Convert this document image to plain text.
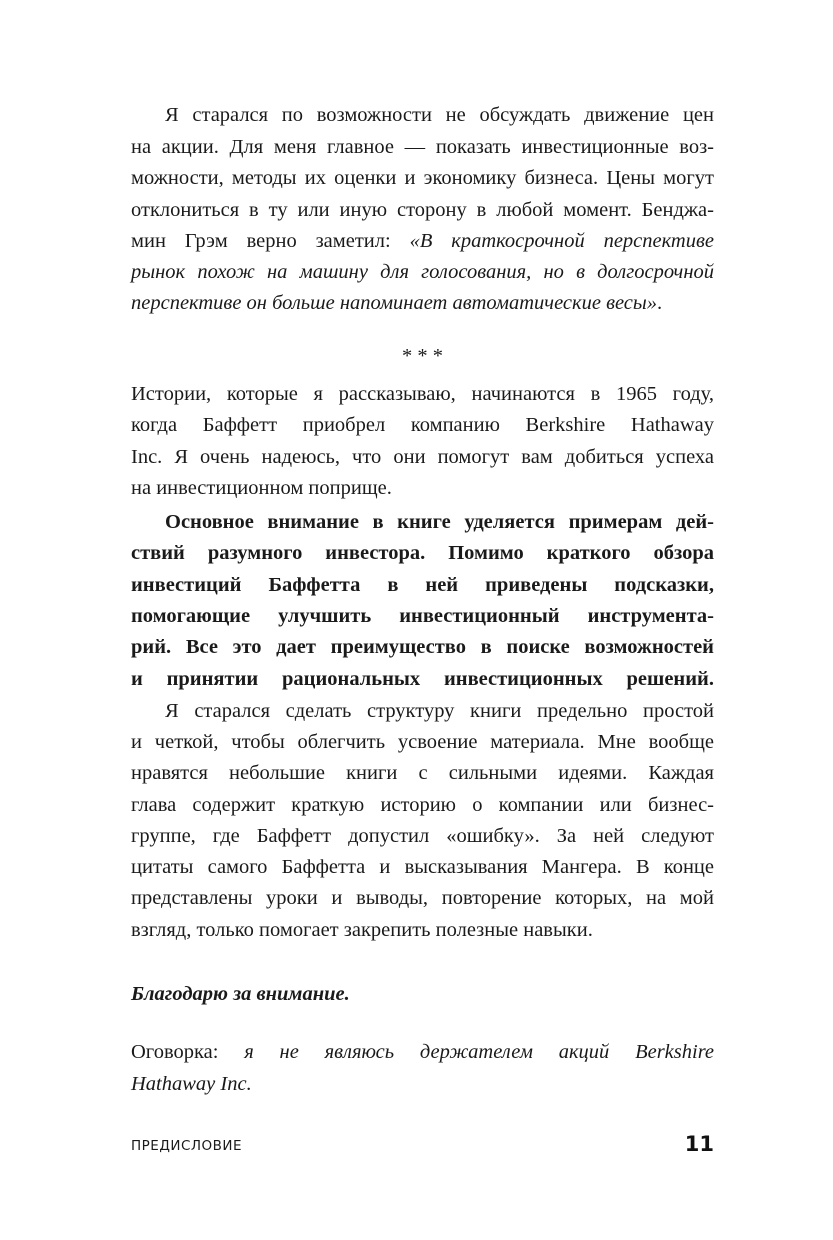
Я старался по возможности не обсуждать движение цен
на акции. Для меня главное — показать инвестиционные воз-
можности, методы их оценки и экономику бизнеса. Цены могут
отклониться в ту или иную сторону в любой момент. Бенджа-
мин Грэм верно заметил: «В краткосрочной перспективе
рынок похож на машину для голосования, но в долгосрочной
перспективе он больше напоминает автоматические весы».
* * *
Истории, которые я рассказываю, начинаются в 1965 году,
когда Баффетт приобрел компанию Berkshire Hathaway
Inc. Я очень надеюсь, что они помогут вам добиться успеха
на инвестиционном поприще.
Основное внимание в книге уделяется примерам дей-
ствий разумного инвестора. Помимо краткого обзора
инвестиций Баффетта в ней приведены подсказки,
помогающие улучшить инвестиционный инструмента-
рий. Все это дает преимущество в поиске возможностей
и принятии рациональных инвестиционных решений.
Я старался сделать структуру книги предельно простой
и четкой, чтобы облегчить усвоение материала. Мне вообще
нравятся небольшие книги с сильными идеями. Каждая
глава содержит краткую историю о компании или бизнес-
группе, где Баффетт допустил «ошибку». За ней следуют
цитаты самого Баффетта и высказывания Мангера. В конце
представлены уроки и выводы, повторение которых, на мой
взгляд, только помогает закрепить полезные навыки.
Благодарю за внимание.
Оговорка: я не являюсь держателем акций Berkshire
Hathaway Inc.
ПРЕДИСЛОВИЕ	11
